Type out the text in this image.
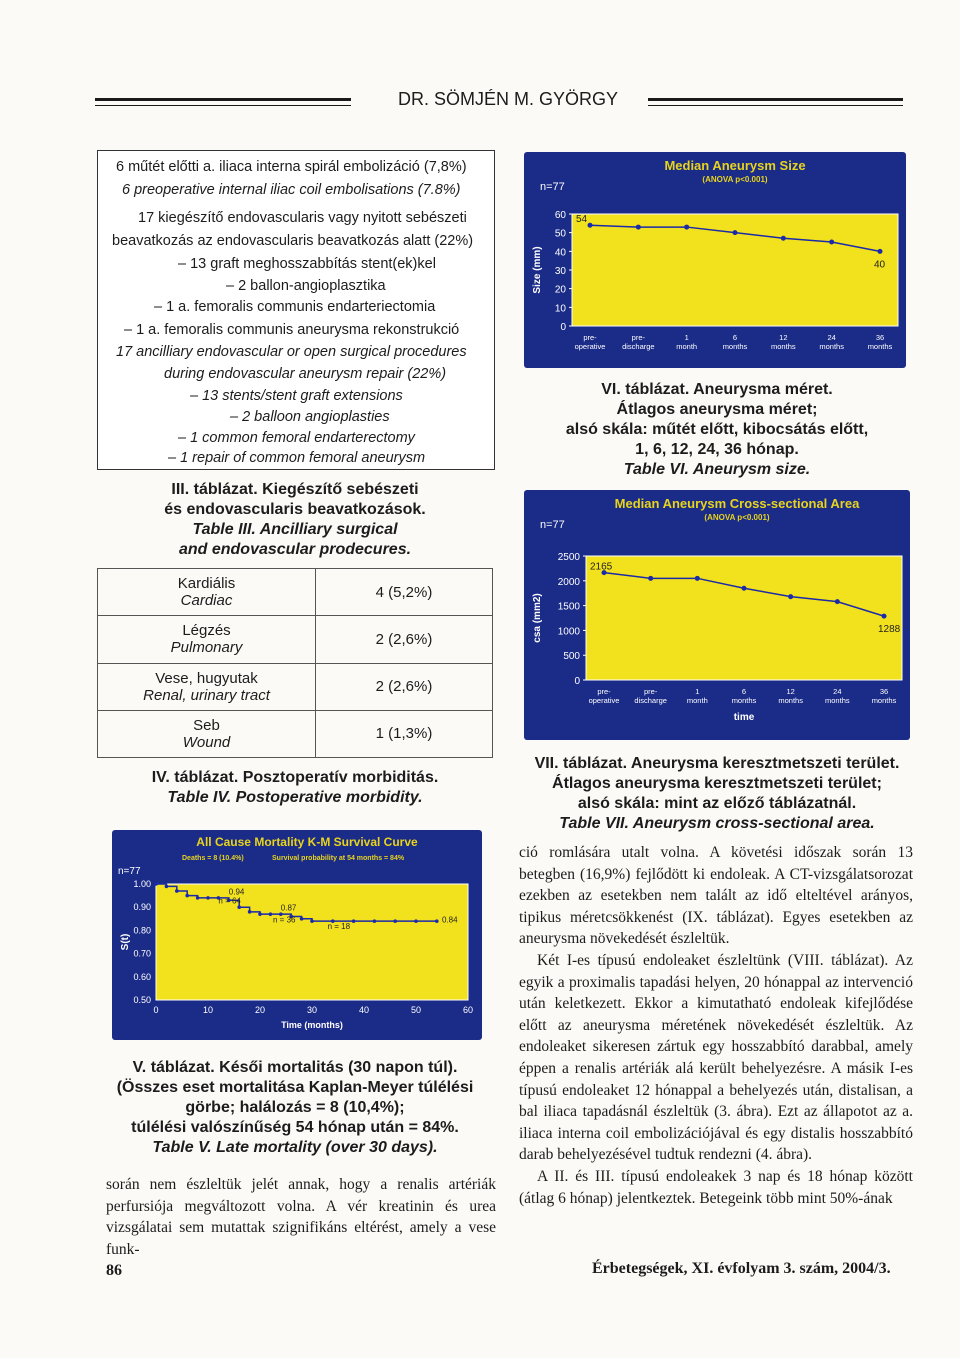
DR. SÖMJÉN M. GYÖRGY
6 műtét előtti a. iliaca interna spirál embolizáció (7,8%)
6 preoperative internal iliac coil embolisations (7.8%)
17 kiegészítő endovascularis vagy nyitott sebészeti
beavatkozás az endovascularis beavatkozás alatt (22%)
– 13 graft meghosszabbítás stent(ek)kel
– 2 ballon-angioplasztika
– 1 a. femoralis communis endarteriectomia
– 1 a. femoralis communis aneurysma rekonstrukció
17 ancilliary endovascular or open surgical procedures
during endovascular aneurysm repair (22%)
– 13 stents/stent graft extensions
– 2 balloon angioplasties
– 1 common femoral endarterectomy
– 1 repair of common femoral aneurysm
III. táblázat. Kiegészítő sebészeti
és endovascularis beavatkozások.
Table III. Ancilliary surgical
and endovascular prodecures.
Kardiális
Cardiac	4 (5,2%)

Légzés
Pulmonary	2 (2,6%)

Vese, hugyutak
Renal, urinary tract	2 (2,6%)

Seb
Wound	1 (1,3%)
IV. táblázat. Posztoperatív morbiditás.
Table IV. Postoperative morbidity.
All Cause Mortality K-M Survival Curve
Deaths = 8 (10.4%)	Survival probability at 54 months = 84%
n=77
0.50
0.60
0.70
0.80
0.90
1.00
0	10	20	30	40	50	60
Time (months)
S(t)
0.94
n = 64
0.87
n = 36
n = 18
0.84
V. táblázat. Késői mortalitás (30 napon túl).
(Összes eset mortalitása Kaplan-Meyer túlélési
görbe; halálozás = 8 (10,4%);
túlélési valószínűség 54 hónap után = 84%.
Table V. Late mortality (over 30 days).

során nem észleltük jelét annak, hogy a renalis artériák perfursiója megváltozott volna. A vér kreatinin és urea vizsgálatai sem mutattak szignifikáns eltérést, amely a vese funk-

Median Aneurysm Size
(ANOVA p<0.001)
n=77
0
10
20
30
40
50
60
Size (mm)
54
40
pre-
operative
pre-
discharge
1
month
6
months
12
months
24
months
36
months
VI. táblázat. Aneurysma méret.
Átlagos aneurysma méret;
alsó skála: műtét előtt, kibocsátás előtt,
1, 6, 12, 24, 36 hónap.
Table VI. Aneurysm size.
Median Aneurysm Cross-sectional Area
(ANOVA p<0.001)
n=77
0
500
1000
1500
2000
2500
csa (mm2)
2165
1288
pre-
operative
pre-
discharge
1
month
6
months
12
months
24
months
36
months
time
VII. táblázat. Aneurysma keresztmetszeti terület.
Átlagos aneurysma keresztmetszeti terület;
alsó skála: mint az előző táblázatnál.
Table VII. Aneurysm cross-sectional area.

ció romlására utalt volna. A követési időszak során 13 betegben (16,9%) fejlődött ki endoleak. A CT-vizsgálatsorozat ezekben az esetekben nem talált az idő elteltével arányos, tipikus méretcsökkenést (IX. táblázat). Egyes esetekben az aneurysma növekedését észleltük.

Két I-es típusú endoleaket észleltünk (VIII. táblázat). Az egyik a proximalis tapadási helyen, 20 hónappal az intervenció után keletkezett. Ekkor a kimutatható endoleak kifejlődése előtt az aneurysma méretének növekedését észleltük. Az endoleaket sikeresen zártuk egy hosszabbító darabbal, amely éppen a renalis artériák alá került behelyezésre. A másik I-es típusú endoleaket 12 hónappal a behelyezés után, distalisan, a bal iliaca tapadásnál észleltük (3. ábra). Ezt az állapotot az a. iliaca interna coil embolizációjával és egy distalis hosszabbító darab behelyezésével tudtuk rendezni (4. ábra).

A II. és III. típusú endoleakek 3 nap és 18 hónap között (átlag 6 hónap) jelentkeztek. Betegeink több mint 50%-ának

86	Érbetegségek, XI. évfolyam 3. szám, 2004/3.
